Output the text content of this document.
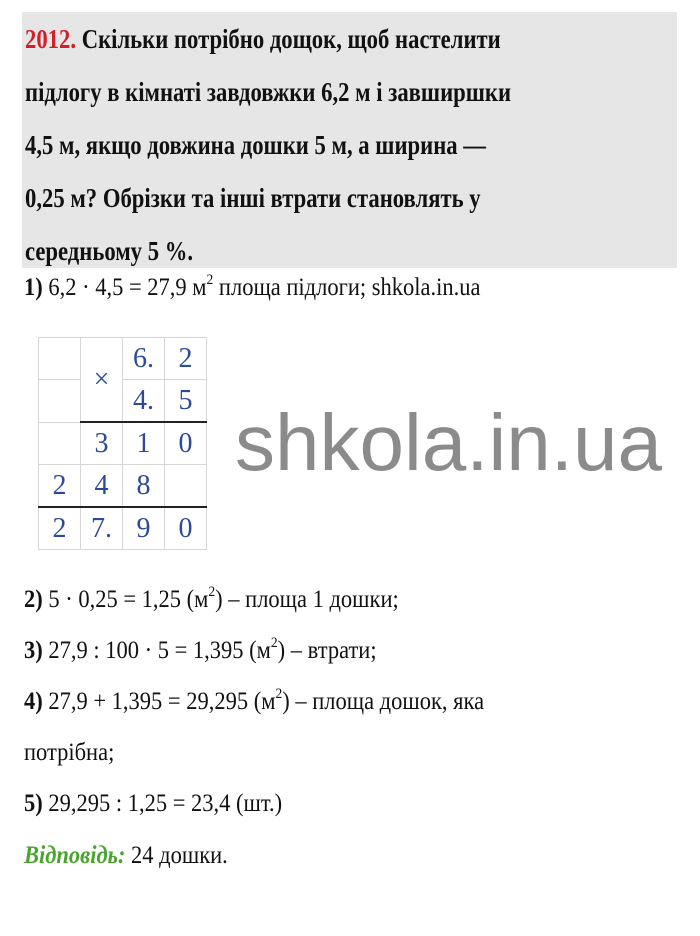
2012. Скільки потрібно дощок, щоб настелити
підлогу в кімнаті завдовжки 6,2 м і завширшки
4,5 м, якщо довжина дошки 5 м, а ширина —
0,25 м? Обрізки та інші втрати становлять у
середньому 5 %.
1) 6,2 · 4,5 = 27,9 $м^2$ площа підлоги; shkola.in.ua
	×	6.	2
		4.	5
	3	1	0
2	4	8	
2	7.	9	0
shkola.in.ua
2) 5 · 0,25 = 1,25 $(м^2)$ – площа 1 дошки;
3) 27,9 : 100 · 5 = 1,395 $(м^2)$ – втрати;
4) 27,9 + 1,395 = 29,295 $(м^2)$ – площа дошок, яка
потрібна;
5) 29,295 : 1,25 = 23,4 (шт.)
Відповідь: 24 дошки.
